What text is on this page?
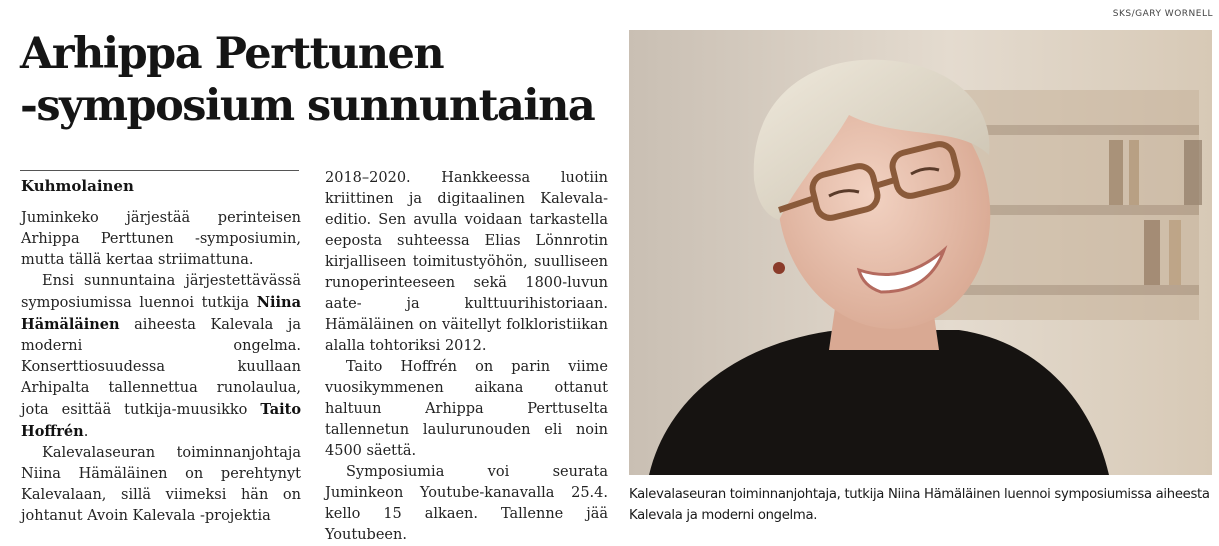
SKS/GARY WORNELL
Arhippa Perttunen
-symposium sunnuntaina
Kuhmolainen

Juminkeko järjestää perinteisen Arhippa Perttunen -symposiumin, mutta tällä kertaa striimattuna.

Ensi sunnuntaina järjestettävässä symposiumissa luennoi tutkija Niina Hämäläinen aiheesta Kalevala ja moderni ongelma. Konserttiosuudessa kuullaan Arhipalta tallennettua runolaulua, jota esittää tutkija-muusikko Taito Hoffrén.

Kalevalaseuran toiminnanjohtaja Niina Hämäläinen on perehtynyt Kalevalaan, sillä viimeksi hän on johtanut Avoin Kalevala -projektia

2018–2020. Hankkeessa luotiin kriittinen ja digitaalinen Kalevala-editio. Sen avulla voidaan tarkastella eeposta suhteessa Elias Lönnrotin kirjalliseen toimitustyöhön, suulliseen runoperinteeseen sekä 1800-luvun aate- ja kulttuurihistoriaan. Hämäläinen on väitellyt folkloristiikan alalla tohtoriksi 2012.

Taito Hoffrén on parin viime vuosikymmenen aikana ottanut haltuun Arhippa Perttuselta tallennetun laulurunouden eli noin 4500 säettä.

Symposiumia voi seurata Juminkeon Youtube-kanavalla 25.4. kello 15 alkaen. Tallenne jää Youtubeen.

Kalevalaseuran toiminnanjohtaja, tutkija Niina Hämäläinen luennoi symposiumissa aiheesta Kalevala ja moderni ongelma.
